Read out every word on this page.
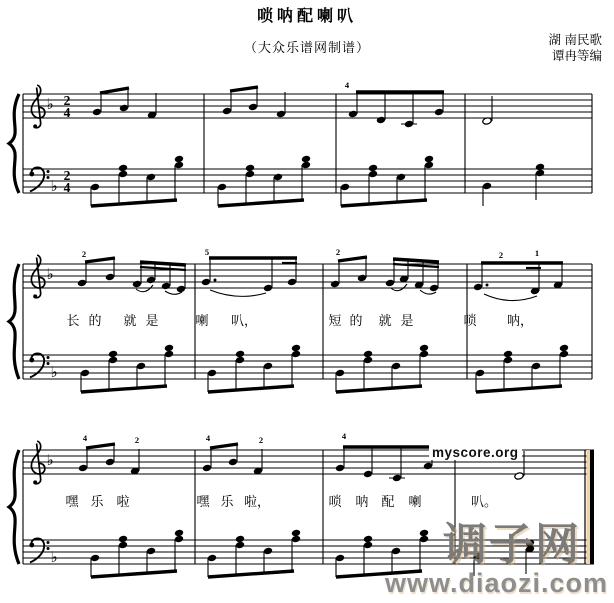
唢呐配喇叭
（大众乐谱网制谱）	湖 南民歌
谭冉等编
♭
♭
2
4
2
4
♭
♭
♭
♭
长 的 就 是	喇 叭，	短 的 就 是	唢 呐，
嘿 乐 啦	嘿 乐 啦，	唢 呐 配 喇	叭。
4
2	5	2	2	1
4	2	4	2	4
myscore.org
调子网
www.diaozi.com
